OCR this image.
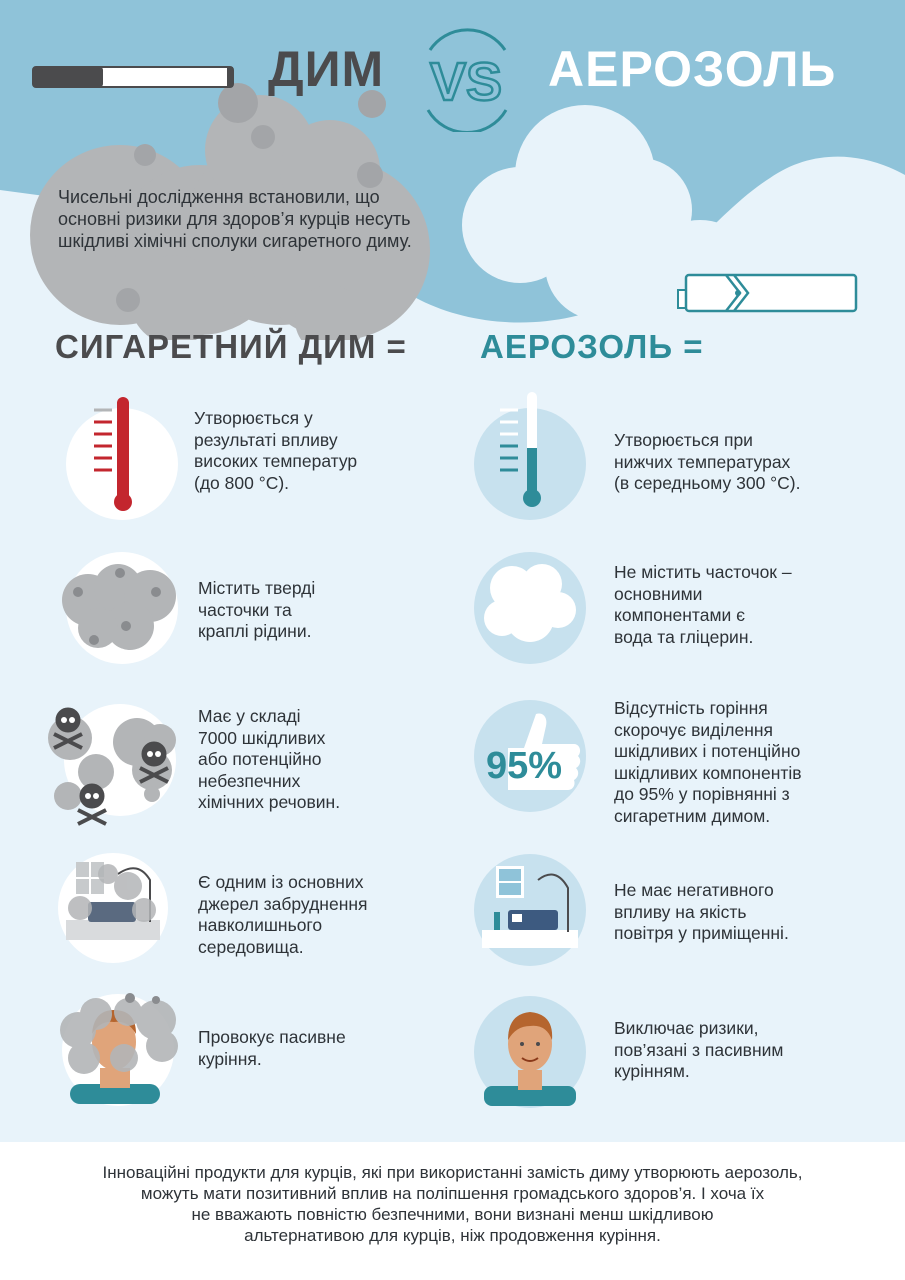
ДИМ VS АЕРОЗОЛЬ
Чисельні дослідження встановили, що основні ризики для здоров’я курців несуть шкідливі хімічні сполуки сигаретного диму.
СИГАРЕТНИЙ ДИМ = АЕРОЗОЛЬ =
Утворюється у
результаті впливу
високих температур
(до 800 °С).
Утворюється при
нижчих температурах
(в середньому 300 °С).
Містить тверді
часточки та
краплі рідини.
Не містить часточок –
основними
компонентами є
вода та гліцерин.
Має у складі
7000 шкідливих
або потенційно
небезпечних
хімічних речовин.
95%
Відсутність горіння
скорочує виділення
шкідливих і потенційно
шкідливих компонентів
до 95% у порівнянні з
сигаретним димом.
Є одним із основних
джерел забруднення
навколишнього
середовища.
Не має негативного
впливу на якість
повітря у приміщенні.
Провокує пасивне
куріння.
Виключає ризики,
пов’язані з пасивним
курінням.

Інноваційні продукти для курців, які при використанні замість диму утворюють аерозоль,
можуть мати позитивний вплив на поліпшення громадського здоров’я. І хоча їх
не вважають повністю безпечними, вони визнані менш шкідливою
альтернативою для курців, ніж продовження куріння.
